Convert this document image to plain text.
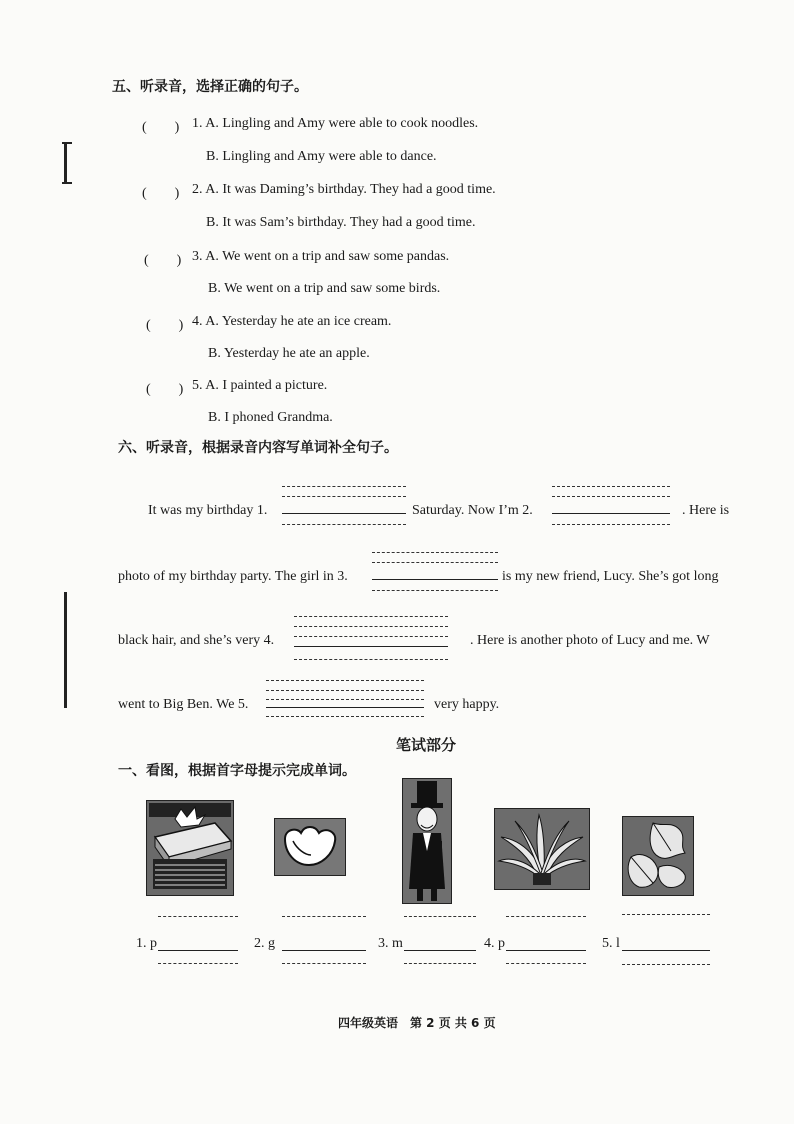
五、听录音，选择正确的句子。
(　　) 1. A. Lingling and Amy were able to cook noodles.
B. Lingling and Amy were able to dance.
(　　) 2. A. It was Daming’s birthday. They had a good time.
B. It was Sam’s birthday. They had a good time.
(　　) 3. A. We went on a trip and saw some pandas.
B. We went on a trip and saw some birds.
(　　) 4. A. Yesterday he ate an ice cream.
B. Yesterday he ate an apple.
(　　) 5. A. I painted a picture.
B. I phoned Grandma.
六、听录音，根据录音内容写单词补全句子。
It was my birthday 1.	Saturday. Now I’m 2.	. Here is
photo of my birthday party. The girl in 3.	is my new friend, Lucy. She’s got long
black hair, and she’s very 4.	. Here is another photo of Lucy and me. W
went to Big Ben. We 5.	very happy.
笔试部分
一、看图，根据首字母提示完成单词。
1. p	2. g	3. m	4. p	5. l
四年级英语　第 2 页 共 6 页
